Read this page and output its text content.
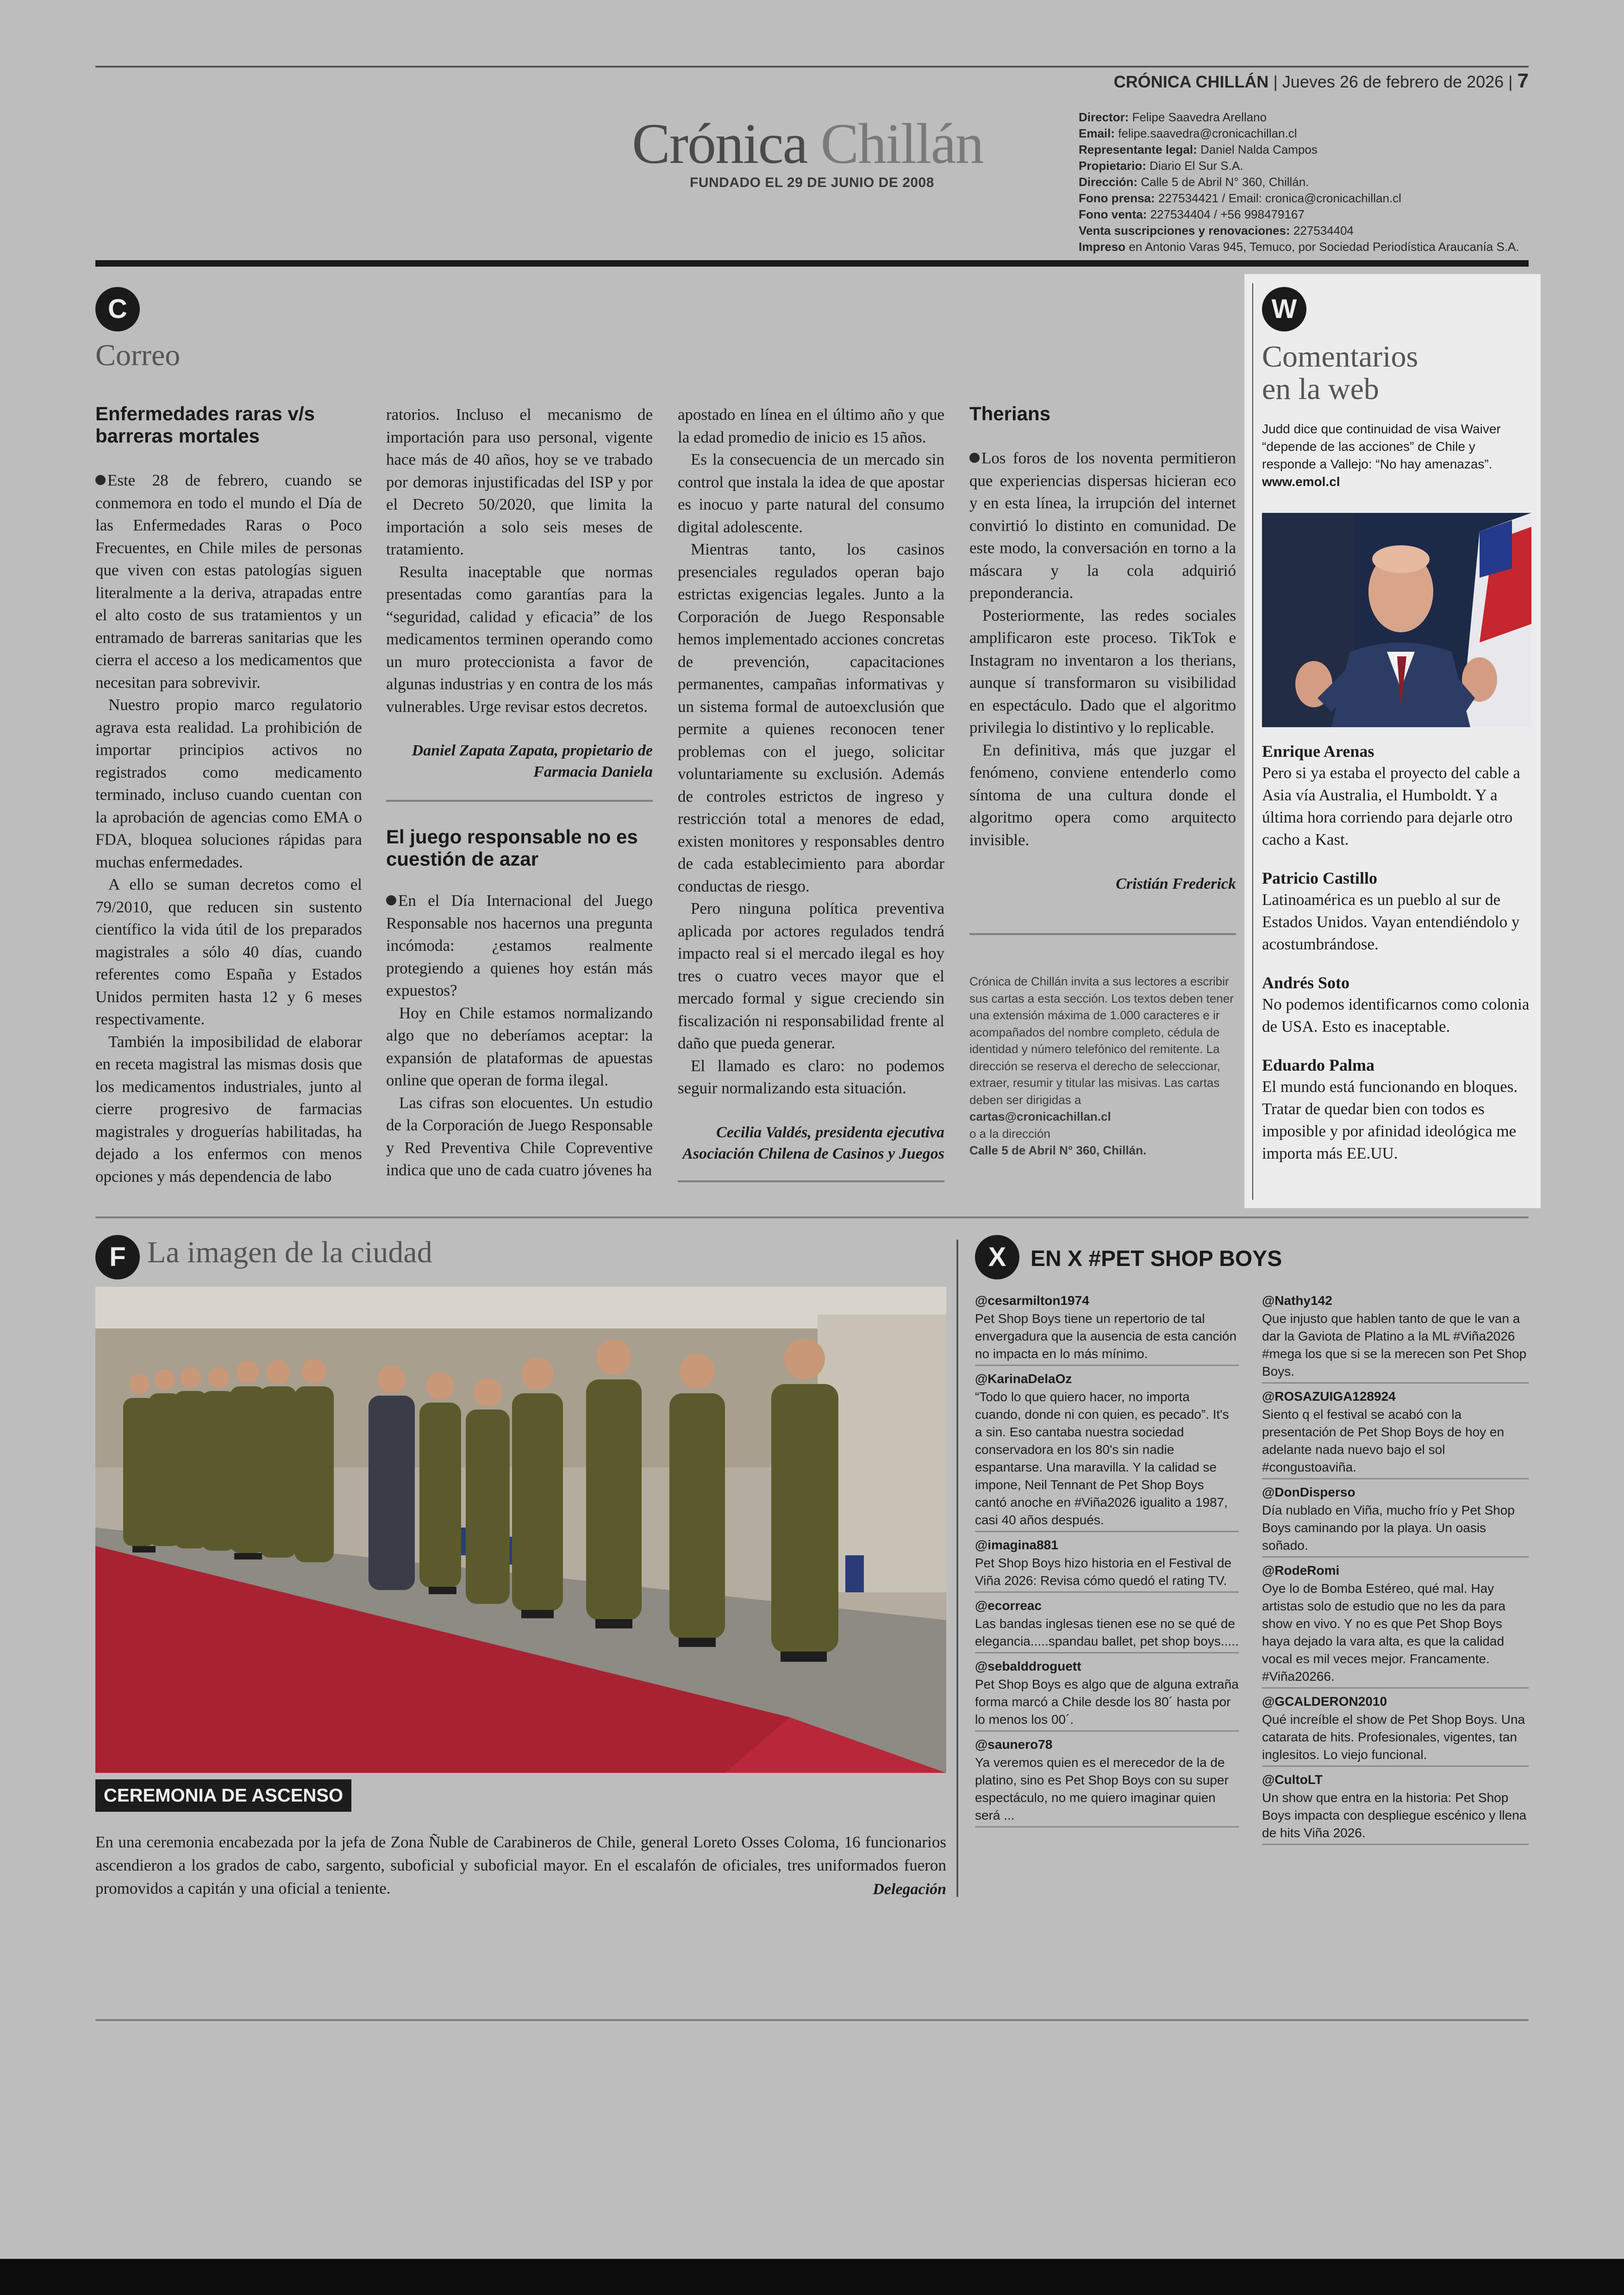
CRÓNICA CHILLÁN | Jueves 26 de febrero de 2026 | 7
Crónica Chillán
FUNDADO EL 29 DE JUNIO DE 2008
Director: Felipe Saavedra Arellano
Email: felipe.saavedra@cronicachillan.cl
Representante legal: Daniel Nalda Campos
Propietario: Diario El Sur S.A.
Dirección: Calle 5 de Abril N° 360, Chillán.
Fono prensa: 227534421 / Email: cronica@cronicachillan.cl
Fono venta: 227534404 / +56 998479167
Venta suscripciones y renovaciones: 227534404
Impreso en Antonio Varas 945, Temuco, por Sociedad Periodística Araucanía S.A.
C
Correo
Enfermedades raras v/s barreras mortales

Este 28 de febrero, cuando se conmemora en todo el mundo el Día de las Enfermedades Raras o Poco Frecuentes, en Chile miles de personas que viven con estas patologías siguen literalmente a la deriva, atrapadas entre el alto costo de sus tratamientos y un entramado de barreras sanitarias que les cierra el acceso a los medicamentos que necesitan para sobrevivir.

Nuestro propio marco regulatorio agrava esta realidad. La prohibición de importar principios activos no registrados como medicamento terminado, incluso cuando cuentan con la aprobación de agencias como EMA o FDA, bloquea soluciones rápidas para muchas enfermedades.

A ello se suman decretos como el 79/2010, que reducen sin sustento científico la vida útil de los preparados magistrales a sólo 40 días, cuando referentes como España y Estados Unidos permiten hasta 12 y 6 meses respectivamente.

También la imposibilidad de elaborar en receta magistral las mismas dosis que los medicamentos industriales, junto al cierre progresivo de farmacias magistrales y droguerías habilitadas, ha dejado a los enfermos con menos opciones y más dependencia de labo

ratorios. Incluso el mecanismo de importación para uso personal, vigente hace más de 40 años, hoy se ve trabado por demoras injustificadas del ISP y por el Decreto 50/2020, que limita la importación a solo seis meses de tratamiento.

Resulta inaceptable que normas presentadas como garantías para la “seguridad, calidad y eficacia” de los medicamentos terminen operando como un muro proteccionista a favor de algunas industrias y en contra de los más vulnerables. Urge revisar estos decretos.

Daniel Zapata Zapata, propietario de
Farmacia Daniela
El juego responsable no es cuestión de azar

En el Día Internacional del Juego Responsable nos hacernos una pregunta incómoda: ¿estamos realmente protegiendo a quienes hoy están más expuestos?

Hoy en Chile estamos normalizando algo que no deberíamos aceptar: la expansión de plataformas de apuestas online que operan de forma ilegal.

Las cifras son elocuentes. Un estudio de la Corporación de Juego Responsable y Red Preventiva Chile Copreventive indica que uno de cada cuatro jóvenes ha

apostado en línea en el último año y que la edad promedio de inicio es 15 años.

Es la consecuencia de un mercado sin control que instala la idea de que apostar es inocuo y parte natural del consumo digital adolescente.

Mientras tanto, los casinos presenciales regulados operan bajo estrictas exigencias legales. Junto a la Corporación de Juego Responsable hemos implementado acciones concretas de prevención, capacitaciones permanentes, campañas informativas y un sistema formal de autoexclusión que permite a quienes reconocen tener problemas con el juego, solicitar voluntariamente su exclusión. Además de controles estrictos de ingreso y restricción total a menores de edad, existen monitores y responsables dentro de cada establecimiento para abordar conductas de riesgo.

Pero ninguna política preventiva aplicada por actores regulados tendrá impacto real si el mercado ilegal es hoy tres o cuatro veces mayor que el mercado formal y sigue creciendo sin fiscalización ni responsabilidad frente al daño que pueda generar.

El llamado es claro: no podemos seguir normalizando esta situación.

Cecilia Valdés, presidenta ejecutiva
Asociación Chilena de Casinos y Juegos
Therians

Los foros de los noventa permitieron que experiencias dispersas hicieran eco y en esta línea, la irrupción del internet convirtió lo distinto en comunidad. De este modo, la conversación en torno a la máscara y la cola adquirió preponderancia.

Posteriormente, las redes sociales amplificaron este proceso. TikTok e Instagram no inventaron a los therians, aunque sí transformaron su visibilidad en espectáculo. Dado que el algoritmo privilegia lo distintivo y lo replicable.

En definitiva, más que juzgar el fenómeno, conviene entenderlo como síntoma de una cultura donde el algoritmo opera como arquitecto invisible.

Cristián Frederick
Crónica de Chillán invita a sus lectores a escribir sus cartas a esta sección. Los textos deben tener una extensión máxima de 1.000 caracteres e ir acompañados del nombre completo, cédula de identidad y número telefónico del remitente. La dirección se reserva el derecho de seleccionar, extraer, resumir y titular las misivas. Las cartas deben ser dirigidas a
cartas@cronicachillan.cl
o a la dirección
Calle 5 de Abril N° 360, Chillán.
W
Comentarios
en la web
Judd dice que continuidad de visa Waiver “depende de las acciones” de Chile y responde a Vallejo: “No hay amenazas”.
www.emol.cl
Enrique Arenas
Pero si ya estaba el proyecto del cable a Asia vía Australia, el Humboldt. Y a última hora corriendo para dejarle otro cacho a Kast.
Patricio Castillo
Latinoamérica es un pueblo al sur de Estados Unidos. Vayan entendiéndolo y acostumbrándose.
Andrés Soto
No podemos identificarnos como colonia de USA. Esto es inaceptable.
Eduardo Palma
El mundo está funcionando en bloques. Tratar de quedar bien con todos es imposible y por afinidad ideológica me importa más EE.UU.
F La imagen de la ciudad
CEREMONIA DE ASCENSO
En una ceremonia encabezada por la jefa de Zona Ñuble de Carabineros de Chile, general Loreto Osses Coloma, 16 funcionarios ascendieron a los grados de cabo, sargento, suboficial y suboficial mayor. En el escalafón de oficiales, tres uniformados fueron promovidos a capitán y una oficial a teniente.	Delegación
X	EN X #PET SHOP BOYS
@cesarmilton1974
Pet Shop Boys tiene un repertorio de tal envergadura que la ausencia de esta canción no impacta en lo más mínimo.
@KarinaDelaOz
“Todo lo que quiero hacer, no importa cuando, donde ni con quien, es pecado”. It's a sin. Eso cantaba nuestra sociedad conservadora en los 80's sin nadie espantarse. Una maravilla. Y la calidad se impone, Neil Tennant de Pet Shop Boys cantó anoche en #Viña2026 igualito a 1987, casi 40 años después.
@imagina881
Pet Shop Boys hizo historia en el Festival de Viña 2026: Revisa cómo quedó el rating TV.
@ecorreac
Las bandas inglesas tienen ese no se qué de elegancia.....spandau ballet, pet shop boys.....
@sebalddroguett
Pet Shop Boys es algo que de alguna extraña forma marcó a Chile desde los 80´ hasta por lo menos los 00´.
@saunero78
Ya veremos quien es el merecedor de la de platino, sino es Pet Shop Boys con su super espectáculo, no me quiero imaginar quien será ...
@Nathy142
Que injusto que hablen tanto de que le van a dar la Gaviota de Platino a la ML #Viña2026 #mega los que si se la merecen son Pet Shop Boys.
@ROSAZUIGA128924
Siento q el festival se acabó con la presentación de Pet Shop Boys de hoy en adelante nada nuevo bajo el sol #congustoaviña.
@DonDisperso
Día nublado en Viña, mucho frío y Pet Shop Boys caminando por la playa. Un oasis soñado.
@RodeRomi
Oye lo de Bomba Estéreo, qué mal. Hay artistas solo de estudio que no les da para show en vivo. Y no es que Pet Shop Boys haya dejado la vara alta, es que la calidad vocal es mil veces mejor. Francamente. #Viña20266.
@GCALDERON2010
Qué increíble el show de Pet Shop Boys. Una catarata de hits. Profesionales, vigentes, tan inglesitos. Lo viejo funcional.
@CultoLT
Un show que entra en la historia: Pet Shop Boys impacta con despliegue escénico y llena de hits Viña 2026.
